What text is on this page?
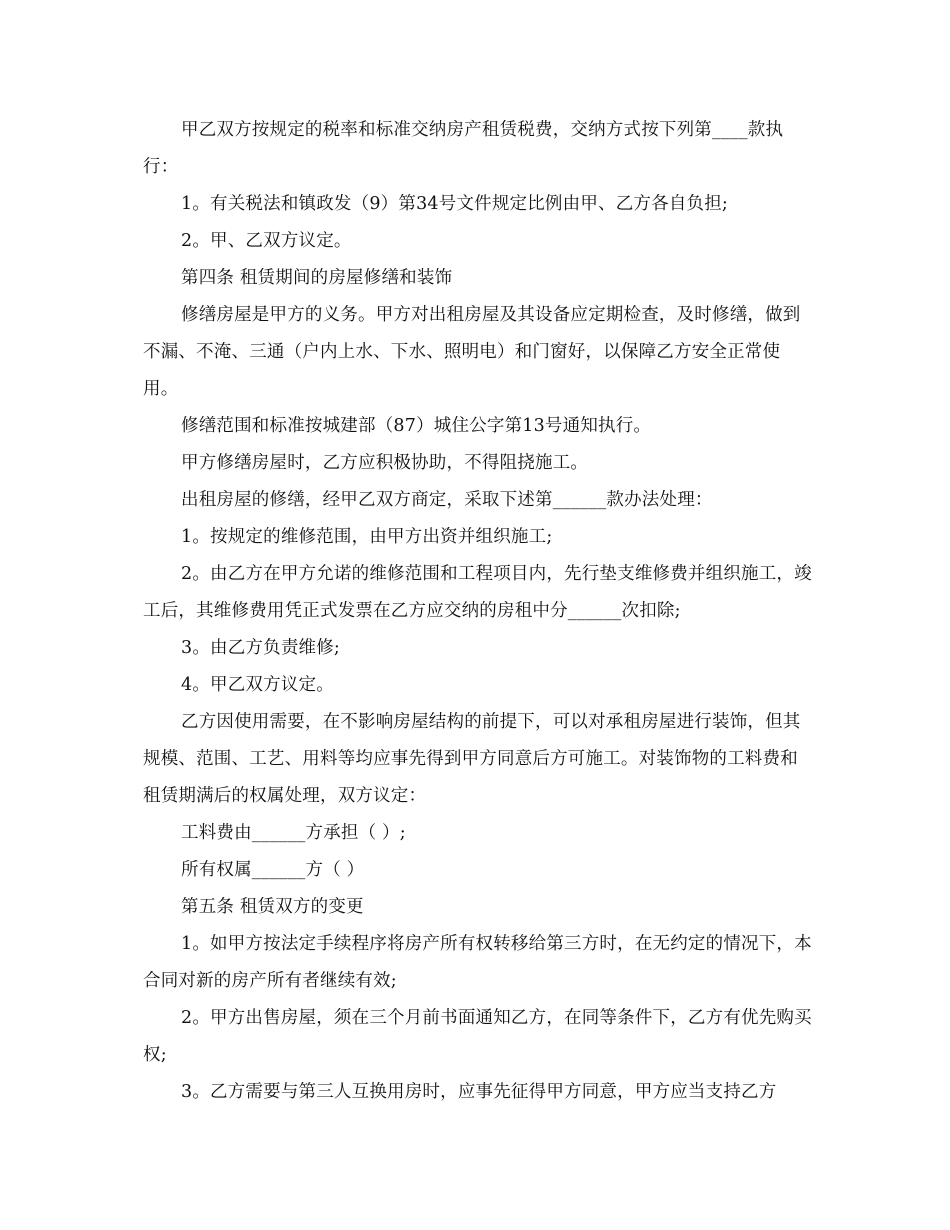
甲乙双方按规定的税率和标准交纳房产租赁税费，交纳方式按下列第____款执行：

1。有关税法和镇政发（9）第34号文件规定比例由甲、乙方各自负担;

2。甲、乙双方议定。

第四条 租赁期间的房屋修缮和装饰

修缮房屋是甲方的义务。甲方对出租房屋及其设备应定期检查，及时修缮，做到不漏、不淹、三通（户内上水、下水、照明电）和门窗好，以保障乙方安全正常使用。

修缮范围和标准按城建部（87）城住公字第13号通知执行。

甲方修缮房屋时，乙方应积极协助，不得阻挠施工。

出租房屋的修缮，经甲乙双方商定，采取下述第______款办法处理：

1。按规定的维修范围，由甲方出资并组织施工;

2。由乙方在甲方允诺的维修范围和工程项目内，先行垫支维修费并组织施工，竣工后，其维修费用凭正式发票在乙方应交纳的房租中分______次扣除;

3。由乙方负责维修;

4。甲乙双方议定。

乙方因使用需要，在不影响房屋结构的前提下，可以对承租房屋进行装饰，但其规模、范围、工艺、用料等均应事先得到甲方同意后方可施工。对装饰物的工料费和租赁期满后的权属处理，双方议定：

工料费由______方承担（ ）;

所有权属______方（ ）

第五条 租赁双方的变更

1。如甲方按法定手续程序将房产所有权转移给第三方时，在无约定的情况下，本合同对新的房产所有者继续有效;

2。甲方出售房屋，须在三个月前书面通知乙方，在同等条件下，乙方有优先购买权;

3。乙方需要与第三人互换用房时，应事先征得甲方同意，甲方应当支持乙方
